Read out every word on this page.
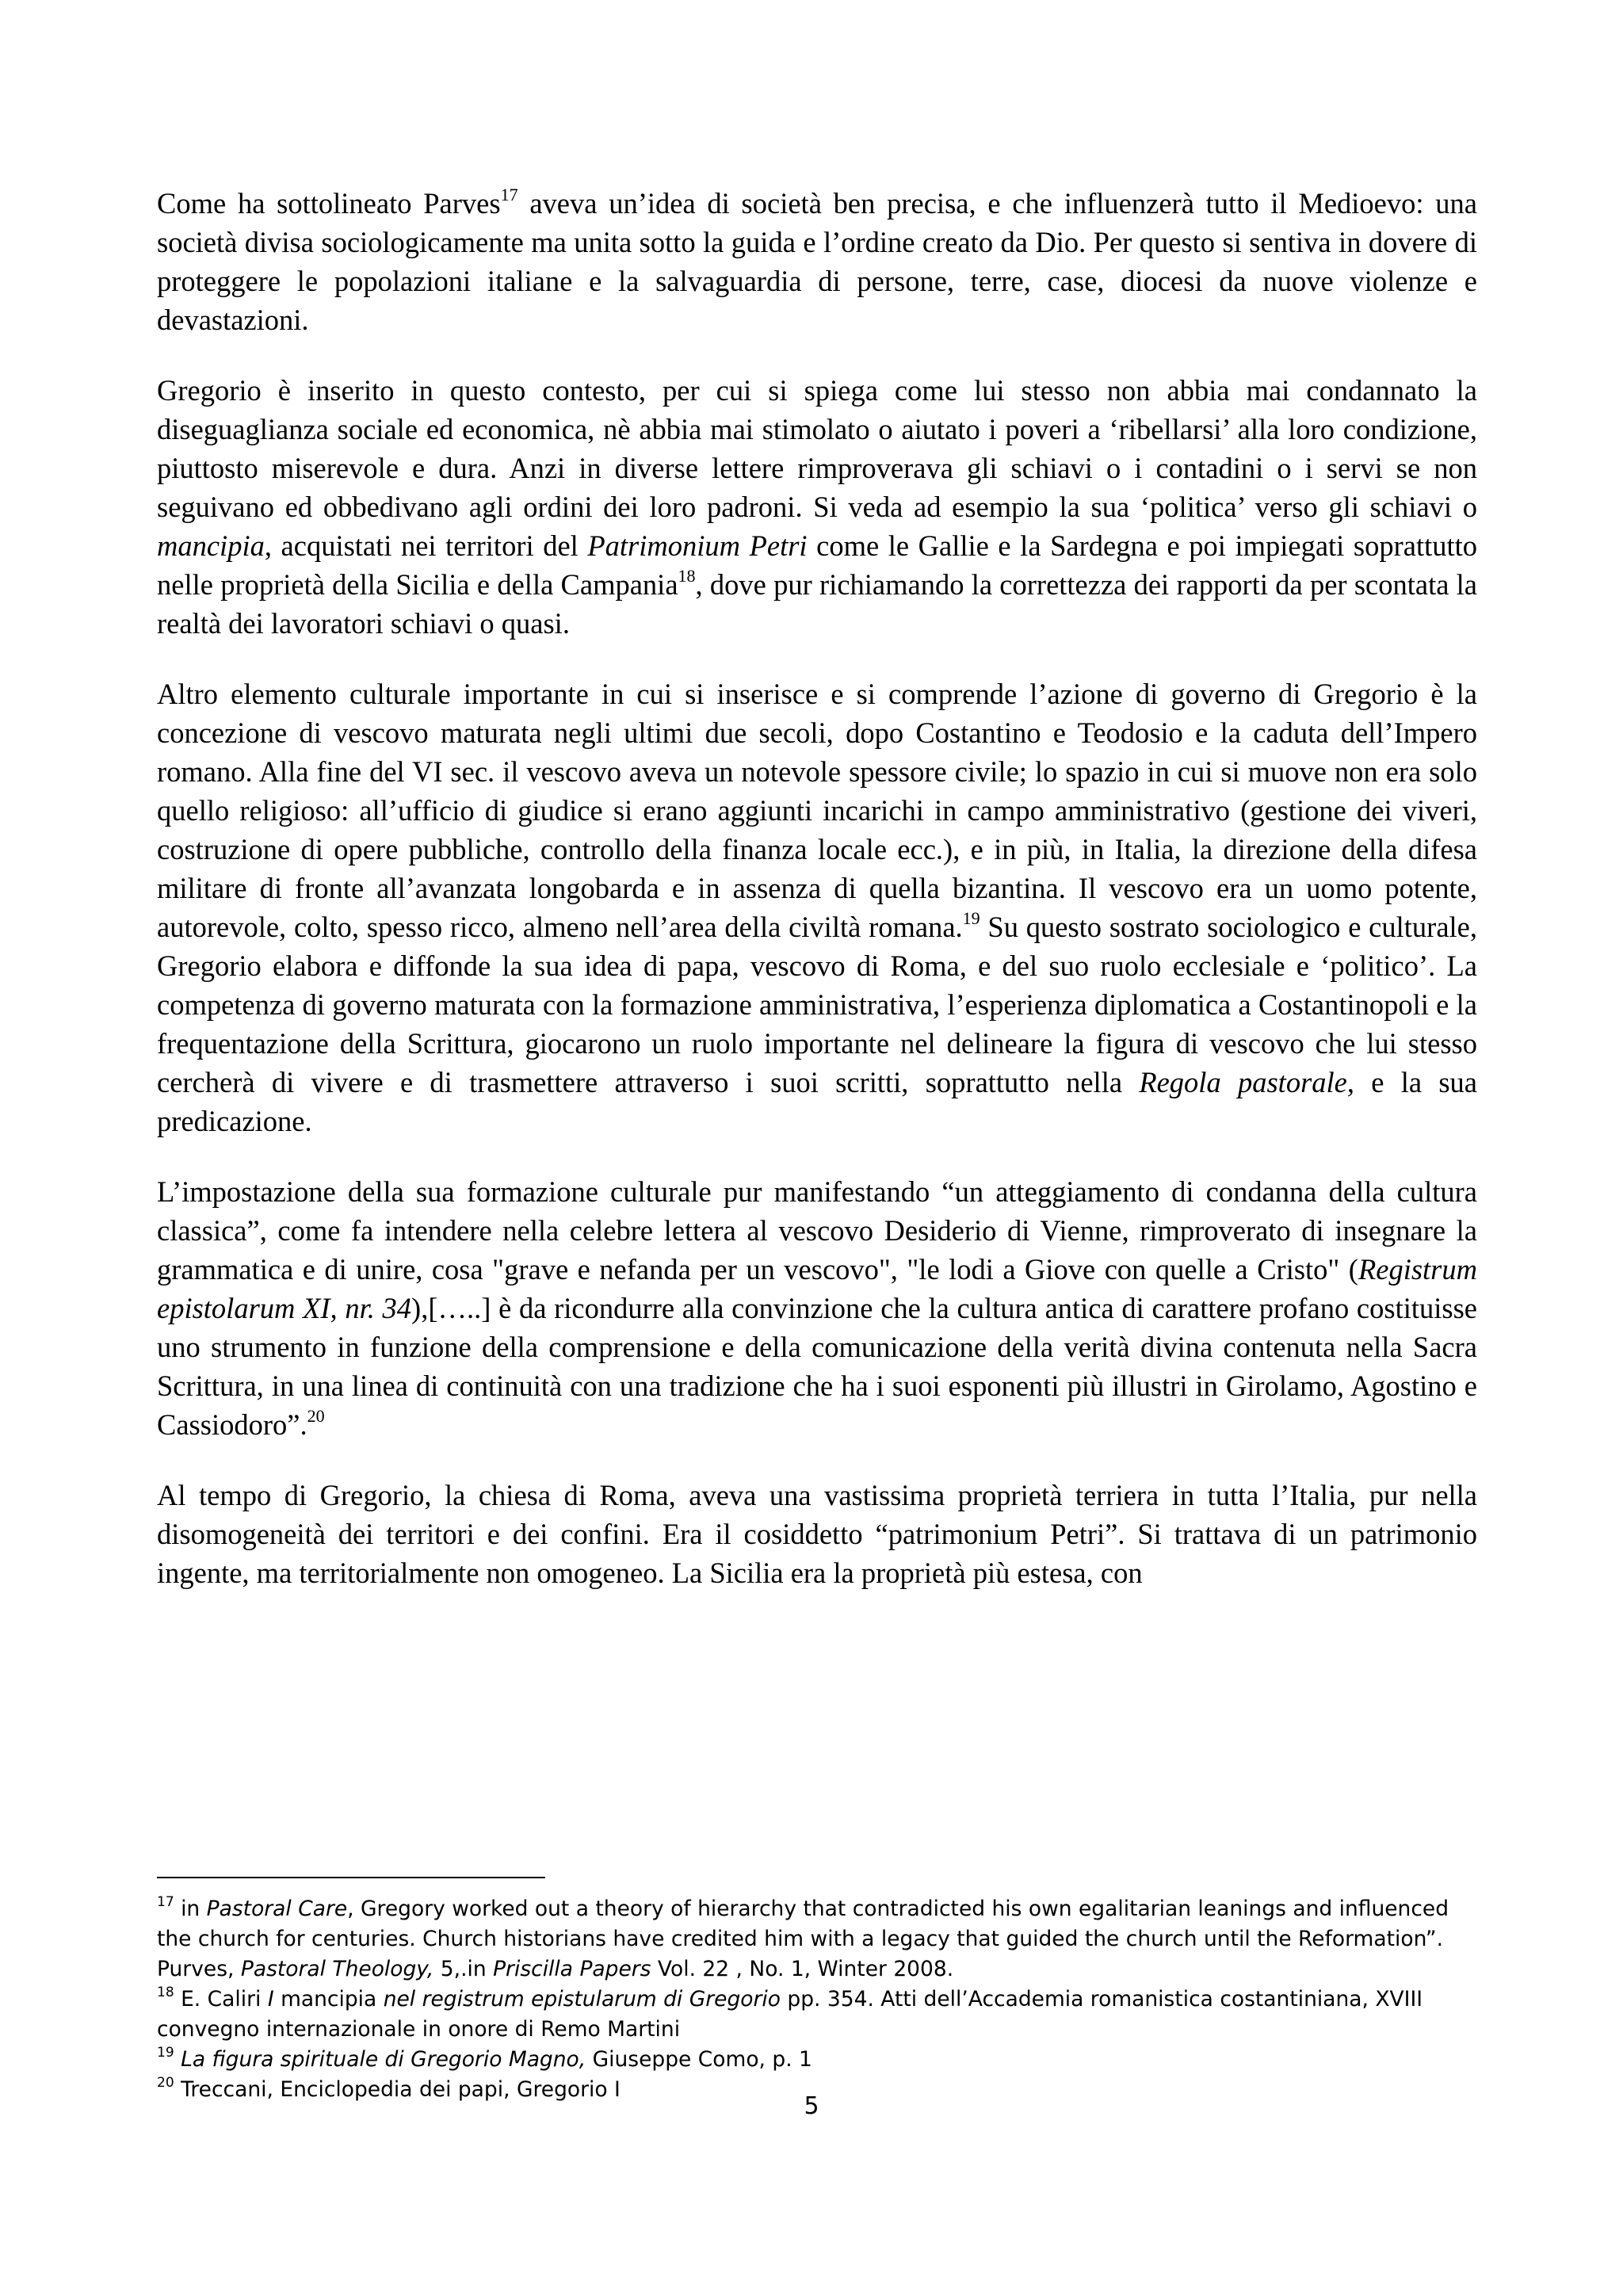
Come ha sottolineato Parves$^{17}$ aveva un’idea di società ben precisa, e che influenzerà tutto il Medioevo: una società divisa sociologicamente ma unita sotto la guida e l’ordine creato da Dio. Per questo si sentiva in dovere di proteggere le popolazioni italiane e la salvaguardia di persone, terre, case, diocesi da nuove violenze e devastazioni.

Gregorio è inserito in questo contesto, per cui si spiega come lui stesso non abbia mai condannato la diseguaglianza sociale ed economica, nè abbia mai stimolato o aiutato i poveri a ‘ribellarsi’ alla loro condizione, piuttosto miserevole e dura. Anzi in diverse lettere rimproverava gli schiavi o i contadini o i servi se non seguivano ed obbedivano agli ordini dei loro padroni. Si veda ad esempio la sua ‘politica’ verso gli schiavi o mancipia, acquistati nei territori del Patrimonium Petri come le Gallie e la Sardegna e poi impiegati soprattutto nelle proprietà della Sicilia e della Campania$^{18}$, dove pur richiamando la correttezza dei rapporti da per scontata la realtà dei lavoratori schiavi o quasi.

Altro elemento culturale importante in cui si inserisce e si comprende l’azione di governo di Gregorio è la concezione di vescovo maturata negli ultimi due secoli, dopo Costantino e Teodosio e la caduta dell’Impero romano. Alla fine del VI sec. il vescovo aveva un notevole spessore civile; lo spazio in cui si muove non era solo quello religioso: all’ufficio di giudice si erano aggiunti incarichi in campo amministrativo (gestione dei viveri, costruzione di opere pubbliche, controllo della finanza locale ecc.), e in più, in Italia, la direzione della difesa militare di fronte all’avanzata longobarda e in assenza di quella bizantina. Il vescovo era un uomo potente, autorevole, colto, spesso ricco, almeno nell’area della civiltà romana.$^{19}$ Su questo sostrato sociologico e culturale, Gregorio elabora e diffonde la sua idea di papa, vescovo di Roma, e del suo ruolo ecclesiale e ‘politico’. La competenza di governo maturata con la formazione amministrativa, l’esperienza diplomatica a Costantinopoli e la frequentazione della Scrittura, giocarono un ruolo importante nel delineare la figura di vescovo che lui stesso cercherà di vivere e di trasmettere attraverso i suoi scritti, soprattutto nella Regola pastorale, e la sua predicazione.

L’impostazione della sua formazione culturale pur manifestando “un atteggiamento di condanna della cultura classica”, come fa intendere nella celebre lettera al vescovo Desiderio di Vienne, rimproverato di insegnare la grammatica e di unire, cosa "grave e nefanda per un vescovo", "le lodi a Giove con quelle a Cristo" (Registrum epistolarum XI, nr. 34),[…..] è da ricondurre alla convinzione che la cultura antica di carattere profano costituisse uno strumento in funzione della comprensione e della comunicazione della verità divina contenuta nella Sacra Scrittura, in una linea di continuità con una tradizione che ha i suoi esponenti più illustri in Girolamo, Agostino e Cassiodoro”.$^{20}$

Al tempo di Gregorio, la chiesa di Roma, aveva una vastissima proprietà terriera in tutta l’Italia, pur nella disomogeneità dei territori e dei confini. Era il cosiddetto “patrimonium Petri”. Si trattava di un patrimonio ingente, ma territorialmente non omogeneo. La Sicilia era la proprietà più estesa, con

$^{17}$ in Pastoral Care, Gregory worked out a theory of hierarchy that contradicted his own egalitarian leanings and influenced the church for centuries. Church historians have credited him with a legacy that guided the church until the Reformation”. Purves, Pastoral Theology, 5,.in Priscilla Papers Vol. 22 , No. 1, Winter 2008.

$^{18}$ E. Caliri I mancipia nel registrum epistularum di Gregorio pp. 354. Atti dell’Accademia romanistica costantiniana, XVIII convegno internazionale in onore di Remo Martini

$^{19}$ La figura spirituale di Gregorio Magno, Giuseppe Como, p. 1

$^{20}$ Treccani, Enciclopedia dei papi, Gregorio I

5
